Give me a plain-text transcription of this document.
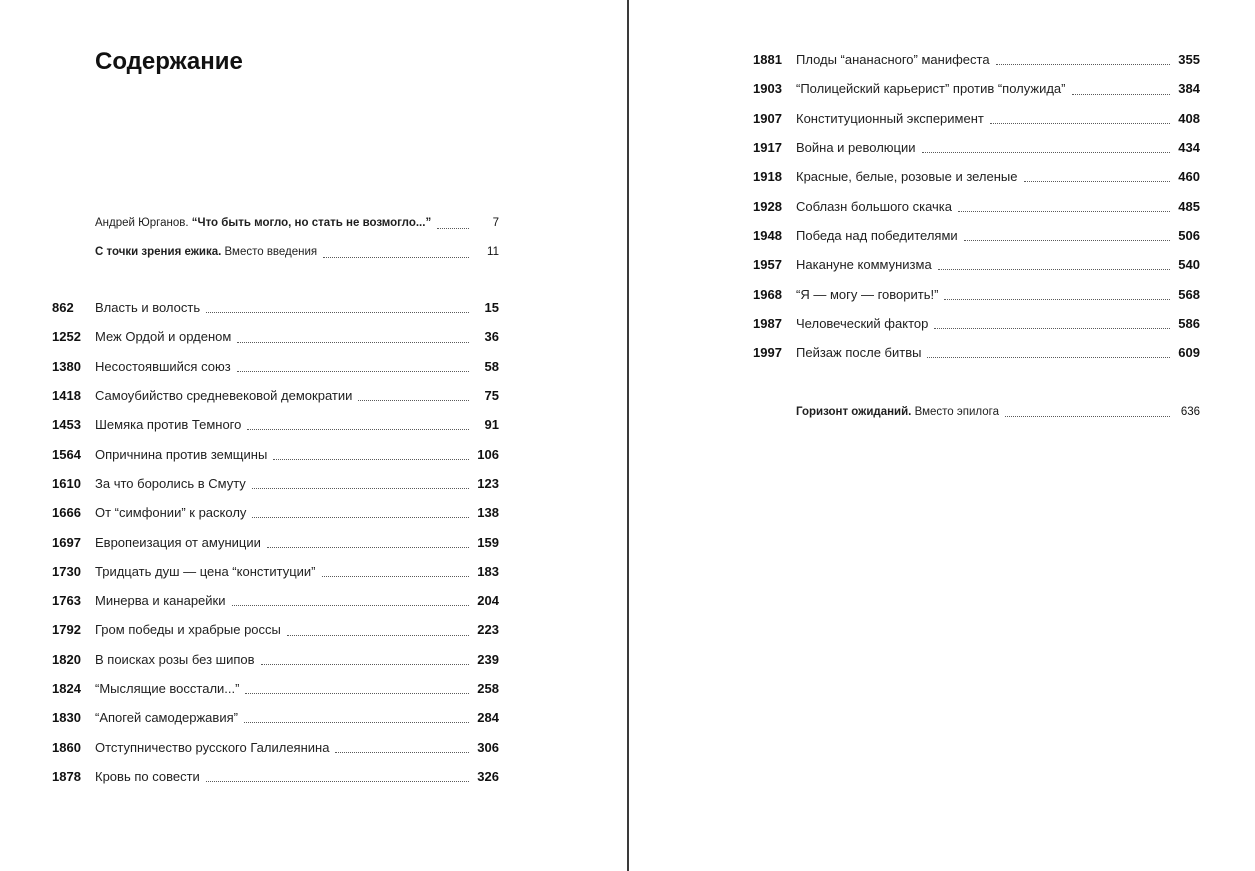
Содержание
Андрей Юрганов. “Что быть могло, но стать не возмогло...”	7
С точки зрения ежика. Вместо введения	11
862	Власть и волость	15
1252	Меж Ордой и орденом	36
1380	Несостоявшийся союз	58
1418	Самоубийство средневековой демократии	75
1453	Шемяка против Темного	91
1564	Опричнина против земщины	106
1610	За что боролись в Смуту	123
1666	От “симфонии” к расколу	138
1697	Европеизация от амуниции	159
1730	Тридцать душ — цена “конституции”	183
1763	Минерва и канарейки	204
1792	Гром победы и храбрые россы	223
1820	В поисках розы без шипов	239
1824	“Мыслящие восстали...”	258
1830	“Апогей самодержавия”	284
1860	Отступничество русского Галилеянина	306
1878	Кровь по совести	326
1881	Плоды “ананасного” манифеста	355
1903	“Полицейский карьерист” против “полужида”	384
1907	Конституционный эксперимент	408
1917	Война и революции	434
1918	Красные, белые, розовые и зеленые	460
1928	Соблазн большого скачка	485
1948	Победа над победителями	506
1957	Накануне коммунизма	540
1968	“Я — могу — говорить!”	568
1987	Человеческий фактор	586
1997	Пейзаж после битвы	609
Горизонт ожиданий. Вместо эпилога	636
